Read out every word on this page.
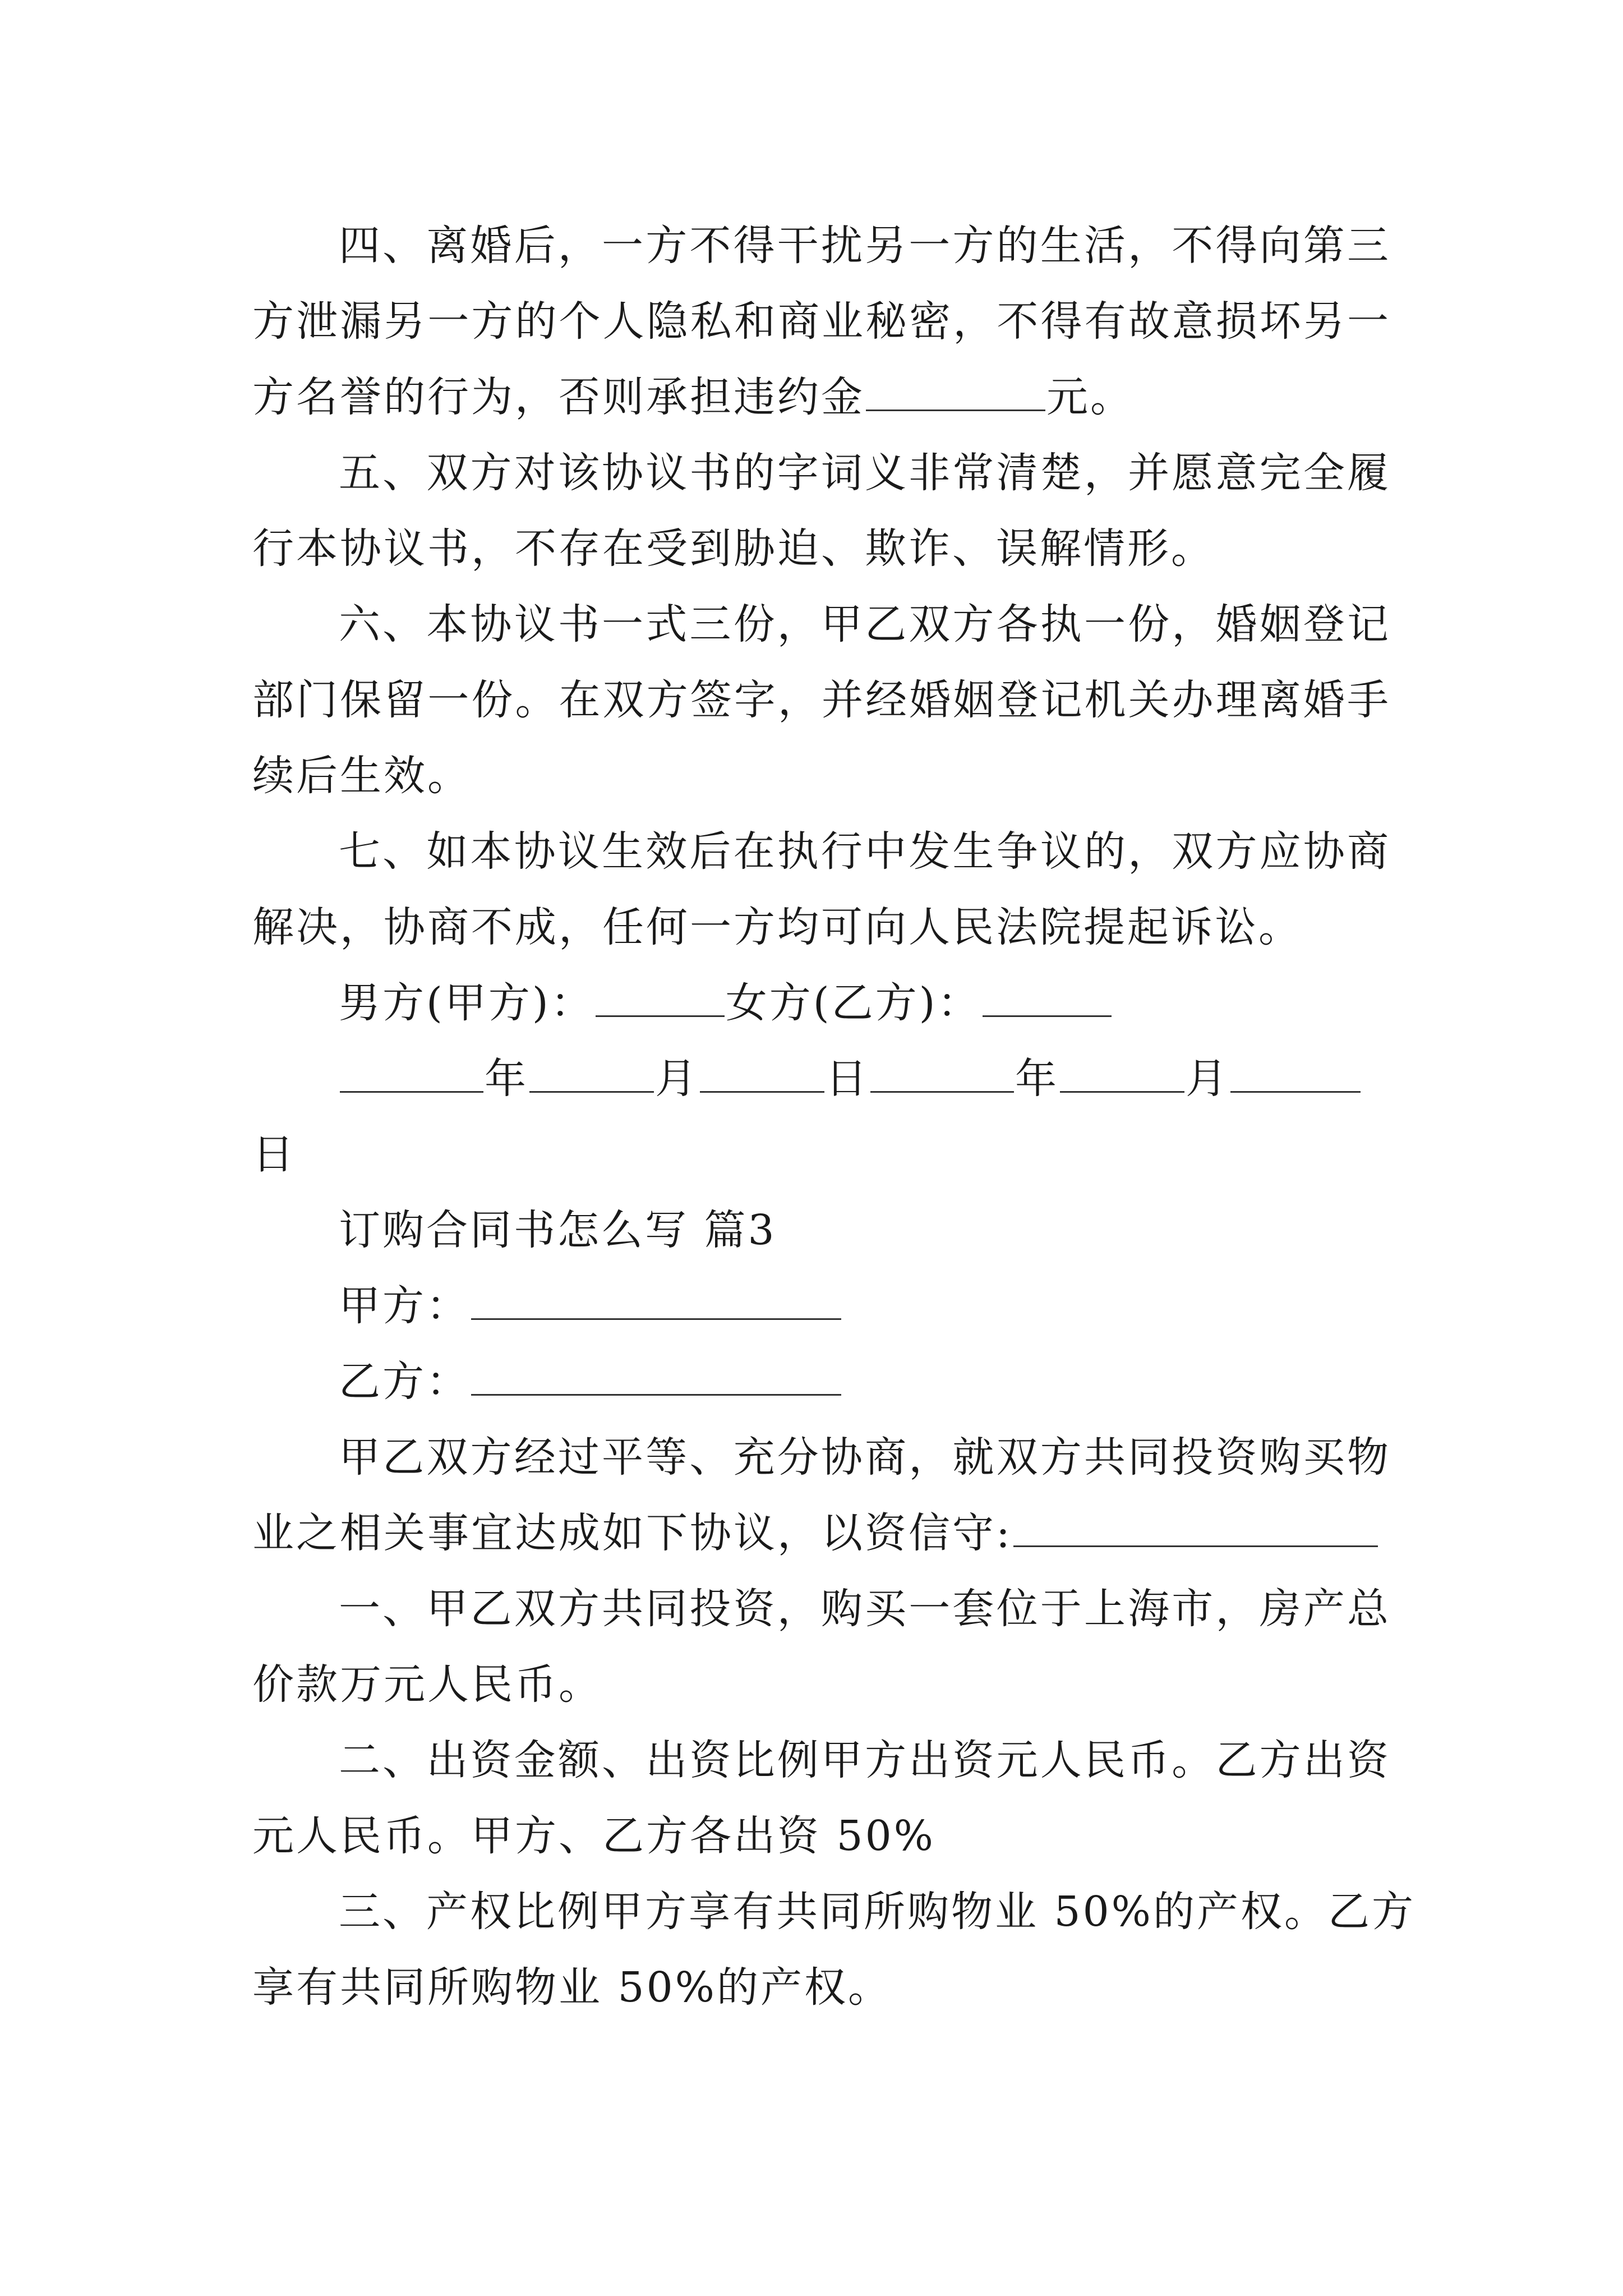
四、离婚后，一方不得干扰另一方的生活，不得向第三
方泄漏另一方的个人隐私和商业秘密，不得有故意损坏另一
方名誉的行为，否则承担违约金	元。
五、双方对该协议书的字词义非常清楚，并愿意完全履
行本协议书，不存在受到胁迫、欺诈、误解情形。
六、本协议书一式三份，甲乙双方各执一份，婚姻登记
部门保留一份。在双方签字，并经婚姻登记机关办理离婚手
续后生效。
七、如本协议生效后在执行中发生争议的，双方应协商
解决，协商不成，任何一方均可向人民法院提起诉讼。
男方(甲方)：	女方(乙方)：
年	月	日	年	月
日
订购合同书怎么写 篇3
甲方：
乙方：
甲乙双方经过平等、充分协商，就双方共同投资购买物
业之相关事宜达成如下协议，以资信守:
一、甲乙双方共同投资，购买一套位于上海市，房产总
价款万元人民币。
二、出资金额、出资比例甲方出资元人民币。乙方出资
元人民币。甲方、乙方各出资 50%
三、产权比例甲方享有共同所购物业 50%的产权。乙方
享有共同所购物业 50%的产权。
